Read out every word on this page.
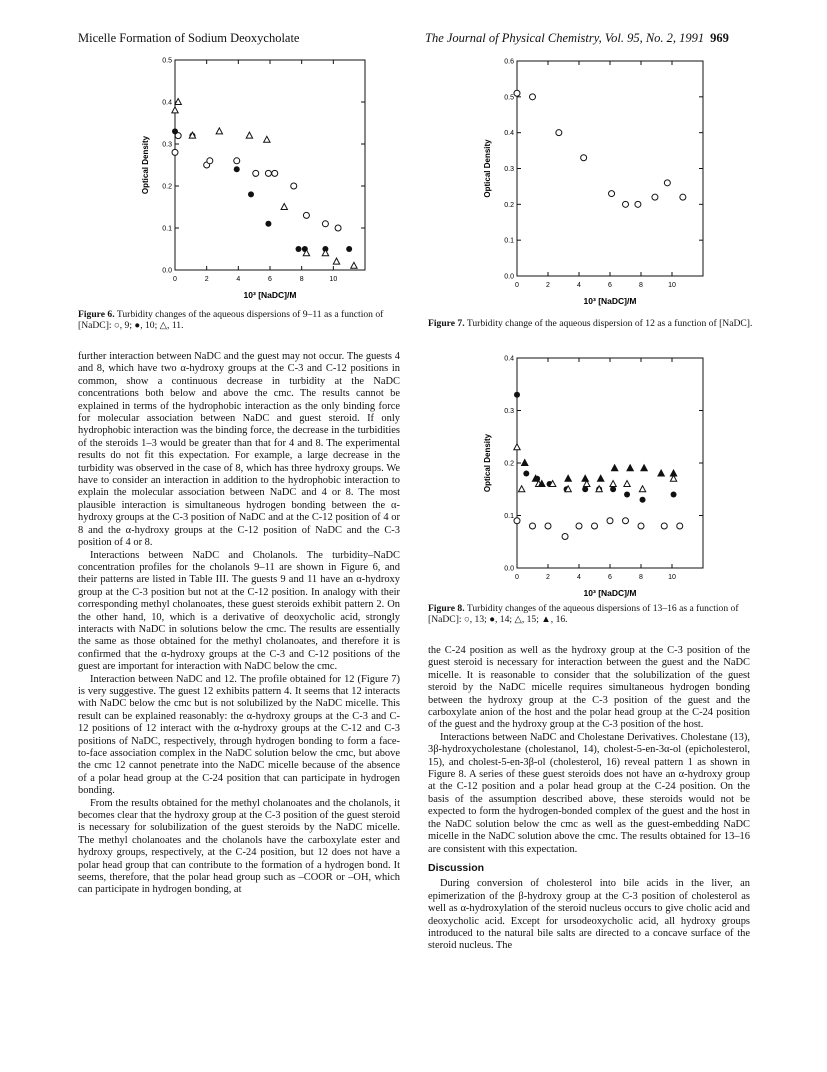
Micelle Formation of Sodium Deoxycholate	The Journal of Physical Chemistry, Vol. 95, No. 2, 1991 969
0	2	4	6	8	10
0.0
0.1
0.2
0.3
0.4
0.5
Optical Density
10³ [NaDC]/M
Figure 6. Turbidity changes of the aqueous dispersions of 9–11 as a function of [NaDC]: ○, 9; ●, 10; △, 11.
0	2	4	6	8	10
0.0
0.1
0.2
0.3
0.4
0.5
0.6
Optical Density
10³ [NaDC]/M
Figure 7. Turbidity change of the aqueous dispersion of 12 as a function of [NaDC].
0	2	4	6	8	10
0.0
0.1
0.2
0.3
0.4
Optical Density
10³ [NaDC]/M
Figure 8. Turbidity changes of the aqueous dispersions of 13–16 as a function of [NaDC]: ○, 13; ●, 14; △, 15; ▲, 16.

further interaction between NaDC and the guest may not occur. The guests 4 and 8, which have two α-hydroxy groups at the C-3 and C-12 positions in common, show a continuous decrease in turbidity at the NaDC concentrations both below and above the cmc. The results cannot be explained in terms of the hydrophobic interaction as the only binding force for molecular association between NaDC and guest steroid. If only hydrophobic interaction was the binding force, the decrease in the turbidities of the steroids 1–3 would be greater than that for 4 and 8. The experimental results do not fit this expectation. For example, a large decrease in the turbidity was observed in the case of 8, which has three hydroxy groups. We have to consider an interaction in addition to the hydrophobic interaction to explain the molecular association between NaDC and 4 or 8. The most plausible interaction is simultaneous hydrogen bonding between the α-hydroxy groups at the C-3 position of NaDC and at the C-12 position of 4 or 8 and the α-hydroxy groups at the C-12 position of NaDC and the C-3 position of 4 or 8.

Interactions between NaDC and Cholanols. The turbidity–NaDC concentration profiles for the cholanols 9–11 are shown in Figure 6, and their patterns are listed in Table III. The guests 9 and 11 have an α-hydroxy group at the C-3 position but not at the C-12 position. In analogy with their corresponding methyl cholanoates, these guest steroids exhibit pattern 2. On the other hand, 10, which is a derivative of deoxycholic acid, strongly interacts with NaDC in solutions below the cmc. The results are essentially the same as those obtained for the methyl cholanoates, and therefore it is confirmed that the α-hydroxy groups at the C-3 and C-12 positions of the guest are important for interaction with NaDC below the cmc.

Interaction between NaDC and 12. The profile obtained for 12 (Figure 7) is very suggestive. The guest 12 exhibits pattern 4. It seems that 12 interacts with NaDC below the cmc but is not solubilized by the NaDC micelle. This result can be explained reasonably: the α-hydroxy groups at the C-3 and C-12 positions of 12 interact with the α-hydroxy groups at the C-12 and C-3 positions of NaDC, respectively, through hydrogen bonding to form a face-to-face association complex in the NaDC solution below the cmc, but above the cmc 12 cannot penetrate into the NaDC micelle because of the absence of a polar head group at the C-24 position that can participate in hydrogen bonding.

From the results obtained for the methyl cholanoates and the cholanols, it becomes clear that the hydroxy group at the C-3 position of the guest steroid is necessary for solubilization of the guest steroids by the NaDC micelle. The methyl cholanoates and the cholanols have the carboxylate ester and hydroxy groups, respectively, at the C-24 position, but 12 does not have a polar head group that can contribute to the formation of a hydrogen bond. It seems, therefore, that the polar head group such as –COOR or –OH, which can participate in hydrogen bonding, at

the C-24 position as well as the hydroxy group at the C-3 position of the guest steroid is necessary for interaction between the guest and the NaDC micelle. It is reasonable to consider that the solubilization of the guest steroid by the NaDC micelle requires simultaneous hydrogen bonding between the hydroxy group at the C-3 position of the guest and the carboxylate anion of the host and the polar head group at the C-24 position of the guest and the hydroxy group at the C-3 position of the host.

Interactions between NaDC and Cholestane Derivatives. Cholestane (13), 3β-hydroxycholestane (cholestanol, 14), cholest-5-en-3α-ol (epicholesterol, 15), and cholest-5-en-3β-ol (cholesterol, 16) reveal pattern 1 as shown in Figure 8. A series of these guest steroids does not have an α-hydroxy group at the C-12 position and a polar head group at the C-24 position. On the basis of the assumption described above, these steroids would not be expected to form the hydrogen-bonded complex of the guest and the host in the NaDC solution below the cmc as well as the guest-embedding NaDC micelle in the NaDC solution above the cmc. The results obtained for 13–16 are consistent with this expectation.

Discussion

During conversion of cholesterol into bile acids in the liver, an epimerization of the β-hydroxy group at the C-3 position of cholesterol as well as α-hydroxylation of the steroid nucleus occurs to give cholic acid and deoxycholic acid. Except for ursodeoxycholic acid, all hydroxy groups introduced to the natural bile salts are directed to a concave surface of the steroid nucleus. The
